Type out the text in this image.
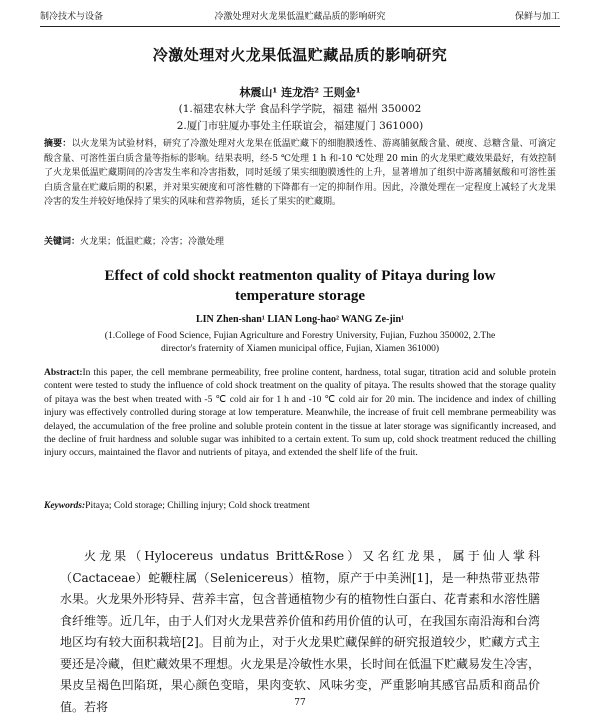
制冷技术与设备	冷激处理对火龙果低温贮藏品质的影响研究	保鲜与加工
冷激处理对火龙果低温贮藏品质的影响研究
林震山¹ 连龙浩² 王则金¹
(1.福建农林大学 食品科学学院，福建 福州 350002
2.厦门市驻厦办事处主任联谊会，福建厦门 361000)
摘要：以火龙果为试验材料，研究了冷激处理对火龙果在低温贮藏下的细胞膜透性、游离脯氨酸含量、硬度、总糖含量、可滴定酸含量、可溶性蛋白质含量等指标的影响。结果表明，经-5 ℃处理 1 h 和-10 ℃处理 20 min 的火龙果贮藏效果最好，有效控制了火龙果低温贮藏期间的冷害发生率和冷害指数，同时延缓了果实细胞膜透性的上升，显著增加了组织中游离脯氨酸和可溶性蛋白质含量在贮藏后期的积累，并对果实硬度和可溶性糖的下降都有一定的抑制作用。因此，冷激处理在一定程度上减轻了火龙果冷害的发生并较好地保持了果实的风味和营养物质，延长了果实的贮藏期。
关键词：火龙果；低温贮藏；冷害；冷激处理
Effect of cold shockt reatmenton quality of Pitaya during low
temperature storage
LIN Zhen-shan¹ LIAN Long-hao² WANG Ze-jin¹
(1.College of Food Science, Fujian Agriculture and Forestry University, Fujian, Fuzhou 350002, 2.The
director's fraternity of Xiamen municipal office, Fujian, Xiamen 361000)
Abstract:In this paper, the cell membrane permeability, free proline content, hardness, total sugar, titration acid and soluble protein content were tested to study the influence of cold shock treatment on the quality of pitaya. The results showed that the storage quality of pitaya was the best when treated with -5 ℃ cold air for 1 h and -10 ℃ cold air for 20 min. The incidence and index of chilling injury was effectively controlled during storage at low temperature. Meanwhile, the increase of fruit cell membrane permeability was delayed, the accumulation of the free proline and soluble protein content in the tissue at later storage was significantly increased, and the decline of fruit hardness and soluble sugar was inhibited to a certain extent. To sum up, cold shock treatment reduced the chilling injury occurs, maintained the flavor and nutrients of pitaya, and extended the shelf life of the fruit.
Keywords:Pitaya; Cold storage; Chilling injury; Cold shock treatment
火龙果（Hylocereus undatus Britt&Rose）又名红龙果，属于仙人掌科（Cactaceae）蛇鞭柱属（Selenicereus）植物，原产于中美洲[1]，是一种热带亚热带水果。火龙果外形特异、营养丰富，包含普通植物少有的植物性白蛋白、花青素和水溶性膳食纤维等。近几年，由于人们对火龙果营养价值和药用价值的认可，在我国东南沿海和台湾地区均有较大面积栽培[2]。目前为止，对于火龙果贮藏保鲜的研究报道较少，贮藏方式主要还是冷藏，但贮藏效果不理想。火龙果是冷敏性水果，长时间在低温下贮藏易发生冷害，果皮呈褐色凹陷斑，果心颜色变暗，果肉变软、风味劣变，严重影响其感官品质和商品价值。若将	77
